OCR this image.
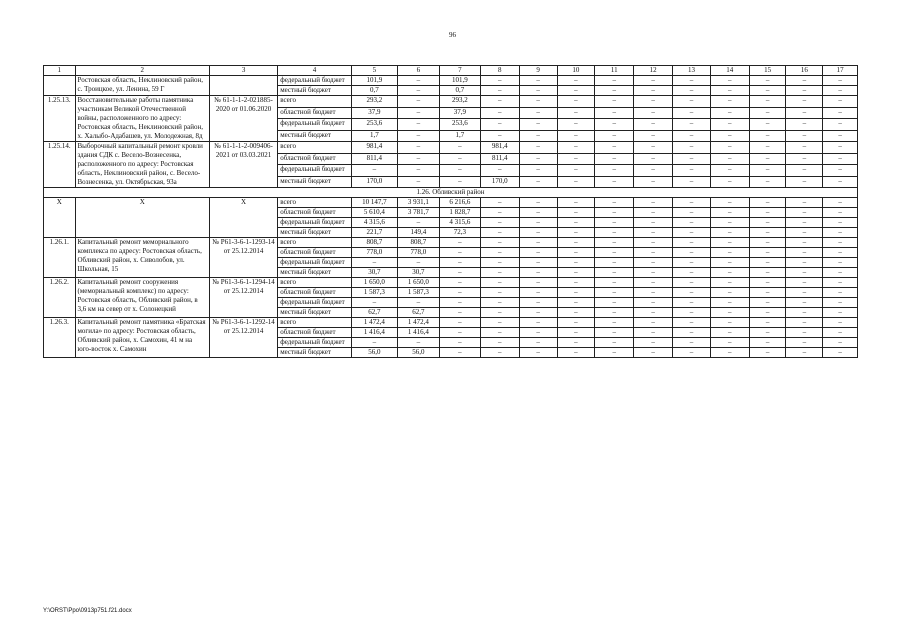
96
1	2	3	4	5	6	7	8	9	10	11	12	13	14	15	16	17
	Ростовская область, Неклиновский район, с. Троицкое, ул. Ленина, 59 Г		федеральный бюджет	101,9	–	101,9	–	–	–	–	–	–	–	–	–	–
			местный бюджет	0,7	–	0,7	–	–	–	–	–	–	–	–	–	–
1.25.13.	Восстановительные работы памятника участникам Великой Отечественной войны, расположенного по адресу: Ростовская область, Неклиновский район, х. Халыбо-Адабашев, ул. Молодежная, 8д	№ 61-1-1-2-021885-2020 от 01.06.2020	всего	293,2	–	293,2	–	–	–	–	–	–	–	–	–	–
			областной бюджет	37,9	–	37,9	–	–	–	–	–	–	–	–	–	–
			федеральный бюджет	253,6	–	253,6	–	–	–	–	–	–	–	–	–	–
			местный бюджет	1,7	–	1,7	–	–	–	–	–	–	–	–	–	–
1.25.14.	Выборочный капитальный ремонт кровли здания СДК с. Весело-Вознесенка, расположенного по адресу: Ростовская область, Неклиновский район, с. Весело-Вознесенка, ул. Октябрьская, 93а	№ 61-1-1-2-009406-2021 от 03.03.2021	всего	981,4	–	–	981,4	–	–	–	–	–	–	–	–	–
			областной бюджет	811,4	–	–	811,4	–	–	–	–	–	–	–	–	–
			федеральный бюджет	–	–	–	–	–	–	–	–	–	–	–	–	–
			местный бюджет	170,0	–	–	170,0	–	–	–	–	–	–	–	–	–
1.26. Обливский район																
Х	Х	Х	всего	10 147,7	3 931,1	6 216,6	–	–	–	–	–	–	–	–	–	–
			областной бюджет	5 610,4	3 781,7	1 828,7	–	–	–	–	–	–	–	–	–	–
			федеральный бюджет	4 315,6	–	4 315,6	–	–	–	–	–	–	–	–	–	–
			местный бюджет	221,7	149,4	72,3	–	–	–	–	–	–	–	–	–	–
1.26.1.	Капитальный ремонт мемориального комплекса по адресу: Ростовская область, Обливский район, х. Сиволобов, ул. Школьная, 15	№ Р61-3-6-1-1293-14 от 25.12.2014	всего	808,7	808,7	–	–	–	–	–	–	–	–	–	–	–
			областной бюджет	778,0	778,0	–	–	–	–	–	–	–	–	–	–	–
			федеральный бюджет	–	–	–	–	–	–	–	–	–	–	–	–	–
			местный бюджет	30,7	30,7	–	–	–	–	–	–	–	–	–	–	–
1.26.2.	Капитальный ремонт сооружения (мемориальный комплекс) по адресу: Ростовская область, Обливский район, в 3,6 км на север от х. Солонецкий	№ Р61-3-6-1-1294-14 от 25.12.2014	всего	1 650,0	1 650,0	–	–	–	–	–	–	–	–	–	–	–
			областной бюджет	1 587,3	1 587,3	–	–	–	–	–	–	–	–	–	–	–
			федеральный бюджет	–	–	–	–	–	–	–	–	–	–	–	–	–
			местный бюджет	62,7	62,7	–	–	–	–	–	–	–	–	–	–	–
1.26.3.	Капитальный ремонт памятника «Братская могила» по адресу: Ростовская область, Обливский район, х. Самохин, 41 м на юго-восток х. Самохин	№ Р61-3-6-1-1292-14 от 25.12.2014	всего	1 472,4	1 472,4	–	–	–	–	–	–	–	–	–	–	–
			областной бюджет	1 416,4	1 416,4	–	–	–	–	–	–	–	–	–	–	–
			федеральный бюджет	–	–	–	–	–	–	–	–	–	–	–	–	–
			местный бюджет	56,0	56,0	–	–	–	–	–	–	–	–	–	–	–
Y:\ORST\Ppo\0913p751.f21.docx
